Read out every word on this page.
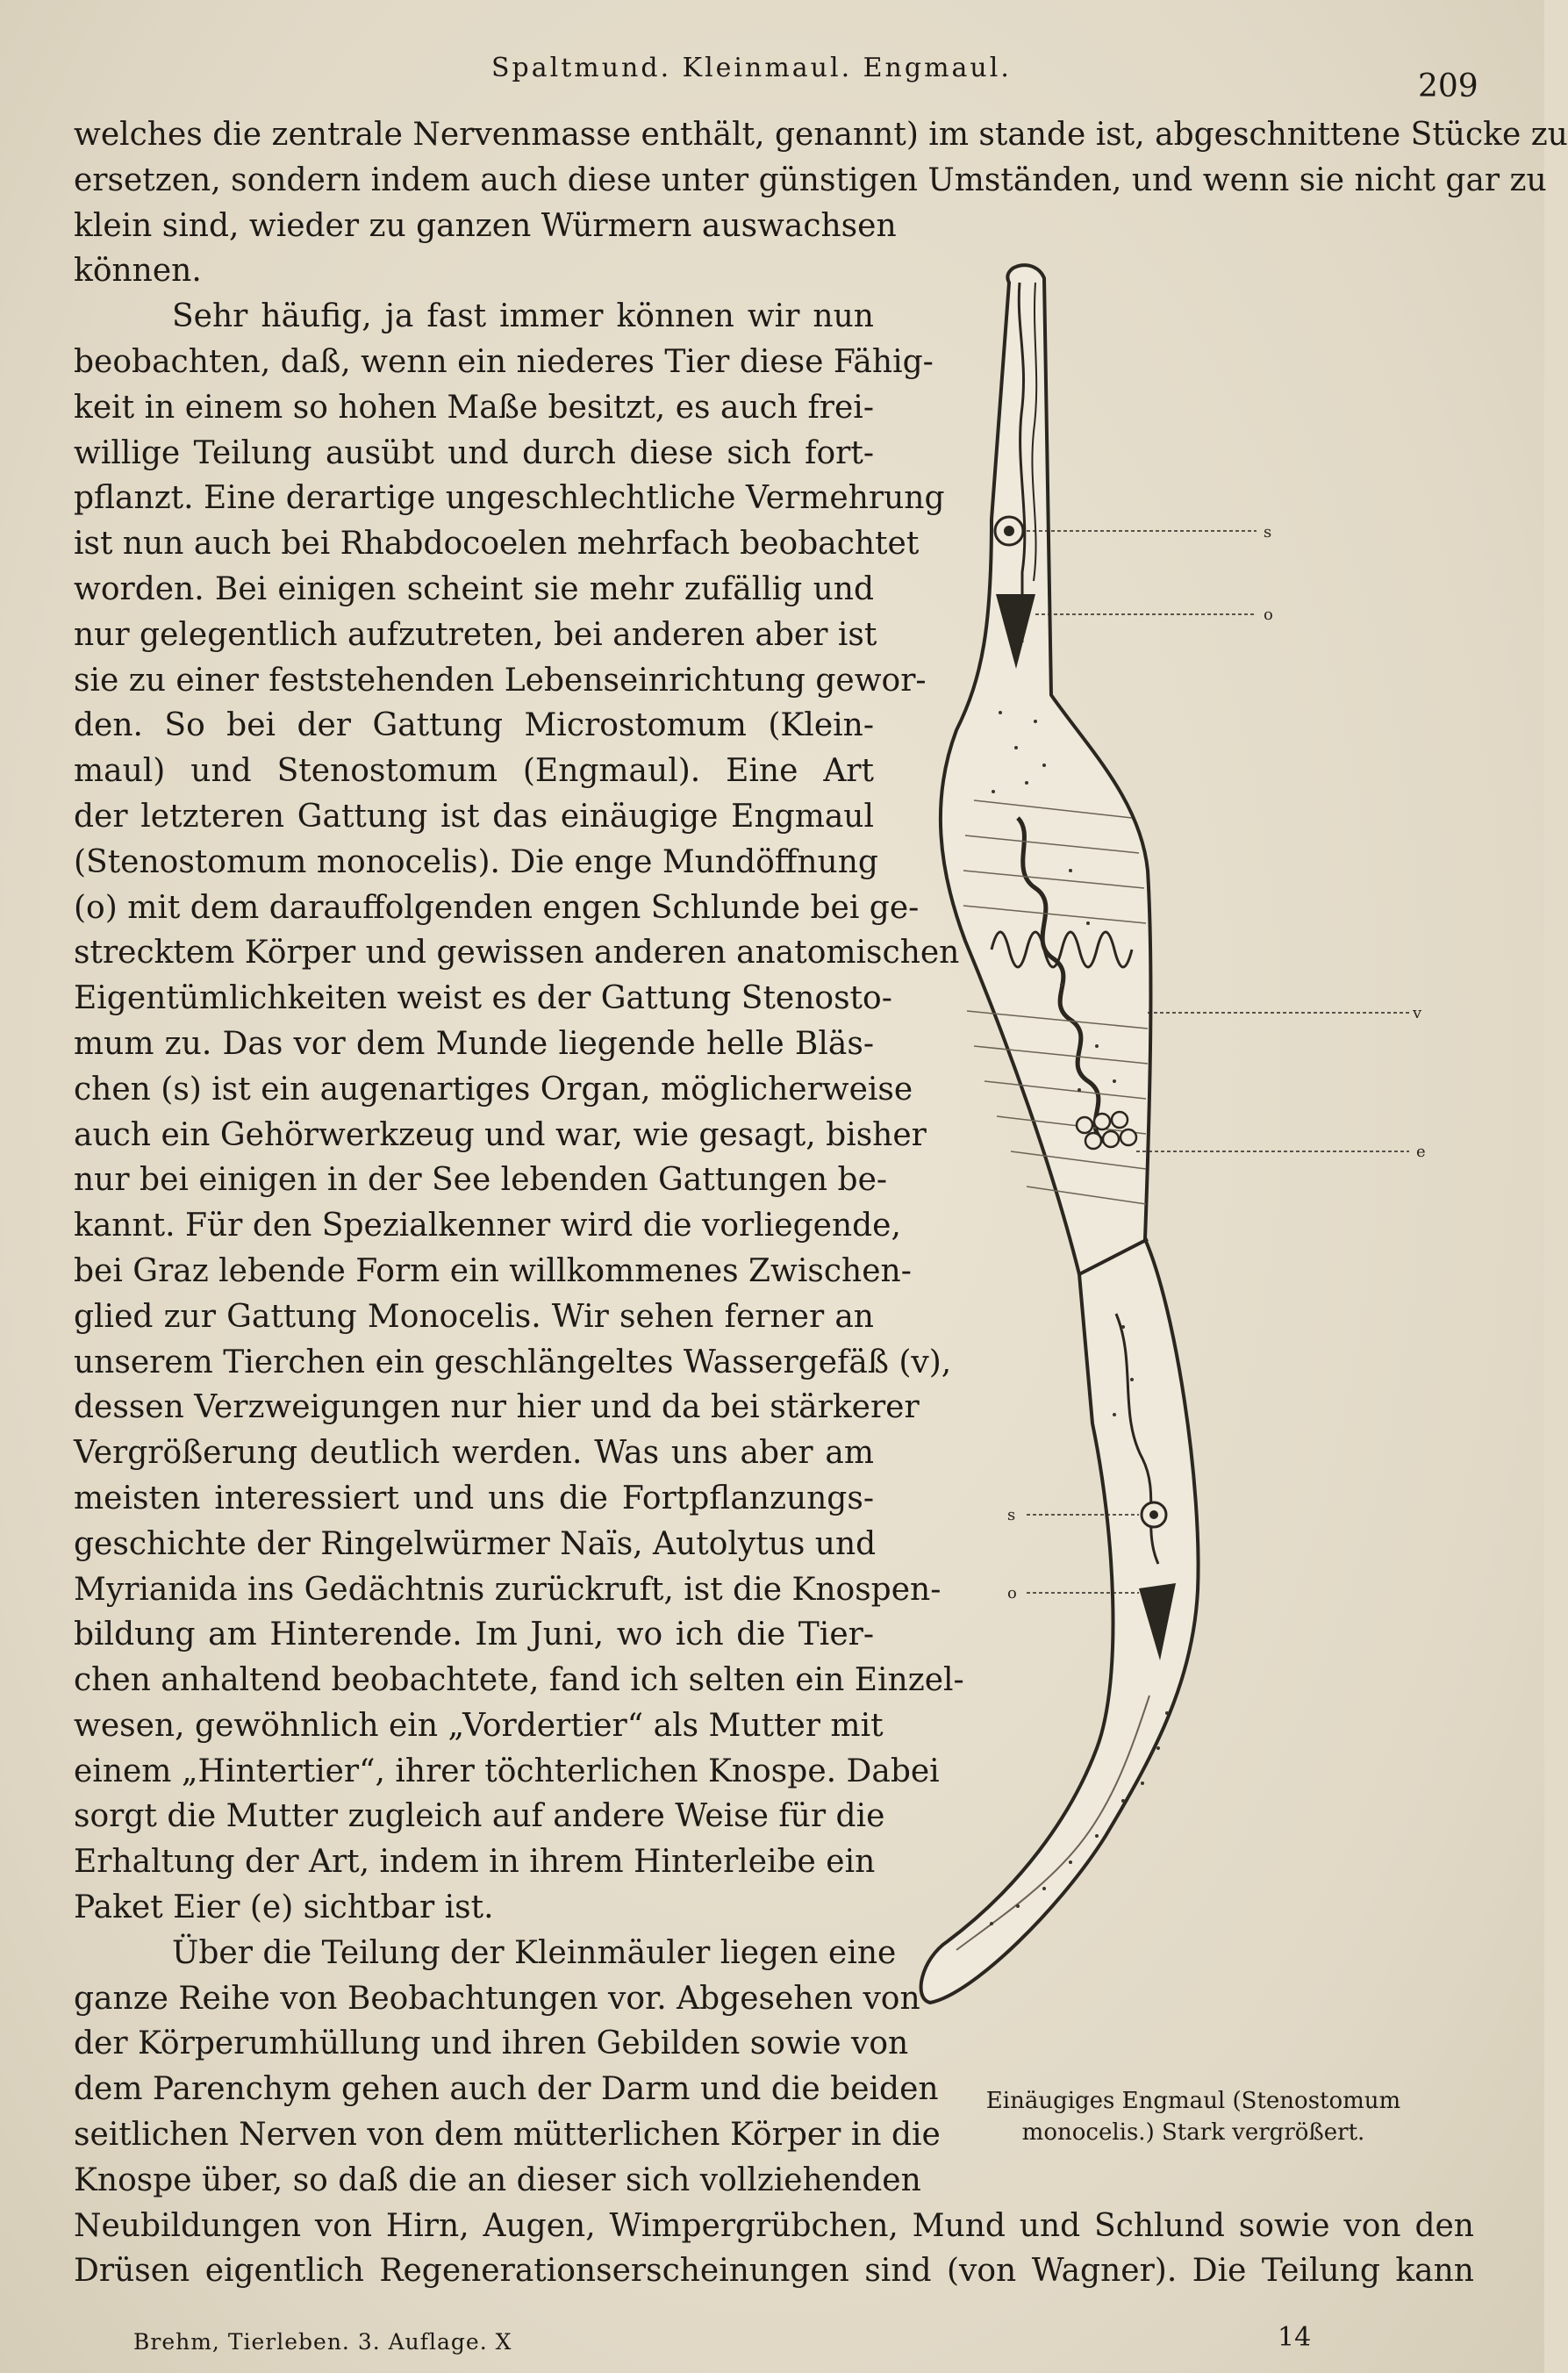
Spaltmund. Kleinmaul. Engmaul.
209
welches die zentrale Nervenmasse enthält, genannt) im stande ist, abgeschnittene Stücke zu
ersetzen, sondern indem auch diese unter günstigen Umständen, und wenn sie nicht gar zu
klein sind, wieder zu ganzen Würmern auswachsen
können.
Sehr häufig, ja fast immer können wir nun
beobachten, daß, wenn ein niederes Tier diese Fähig-
keit in einem so hohen Maße besitzt, es auch frei-
willige Teilung ausübt und durch diese sich fort-
pflanzt. Eine derartige ungeschlechtliche Vermehrung
ist nun auch bei Rhabdocoelen mehrfach beobachtet
worden. Bei einigen scheint sie mehr zufällig und
nur gelegentlich aufzutreten, bei anderen aber ist
sie zu einer feststehenden Lebenseinrichtung gewor-
den. So bei der Gattung Microstomum (Klein-
maul) und Stenostomum (Engmaul). Eine Art
der letzteren Gattung ist das einäugige Engmaul
(Stenostomum monocelis). Die enge Mundöffnung
(o) mit dem darauffolgenden engen Schlunde bei ge-
strecktem Körper und gewissen anderen anatomischen
Eigentümlichkeiten weist es der Gattung Stenosto-
mum zu. Das vor dem Munde liegende helle Bläs-
chen (s) ist ein augenartiges Organ, möglicherweise
auch ein Gehörwerkzeug und war, wie gesagt, bisher
nur bei einigen in der See lebenden Gattungen be-
kannt. Für den Spezialkenner wird die vorliegende,
bei Graz lebende Form ein willkommenes Zwischen-
glied zur Gattung Monocelis. Wir sehen ferner an
unserem Tierchen ein geschlängeltes Wassergefäß (v),
dessen Verzweigungen nur hier und da bei stärkerer
Vergrößerung deutlich werden. Was uns aber am
meisten interessiert und uns die Fortpflanzungs-
geschichte der Ringelwürmer Naïs, Autolytus und
Myrianida ins Gedächtnis zurückruft, ist die Knospen-
bildung am Hinterende. Im Juni, wo ich die Tier-
chen anhaltend beobachtete, fand ich selten ein Einzel-
wesen, gewöhnlich ein „Vordertier“ als Mutter mit
einem „Hintertier“, ihrer töchterlichen Knospe. Dabei
sorgt die Mutter zugleich auf andere Weise für die
Erhaltung der Art, indem in ihrem Hinterleibe ein
Paket Eier (e) sichtbar ist.
Über die Teilung der Kleinmäuler liegen eine
ganze Reihe von Beobachtungen vor. Abgesehen von
der Körperumhüllung und ihren Gebilden sowie von
dem Parenchym gehen auch der Darm und die beiden
seitlichen Nerven von dem mütterlichen Körper in die
Knospe über, so daß die an dieser sich vollziehenden
Neubildungen von Hirn, Augen, Wimpergrübchen, Mund und Schlund sowie von den
Drüsen eigentlich Regenerationserscheinungen sind (von Wagner). Die Teilung kann
s
o
v
e
s
o
Einäugiges Engmaul (Stenostomum
monocelis.) Stark vergrößert.
Brehm, Tierleben. 3. Auflage. X	14
